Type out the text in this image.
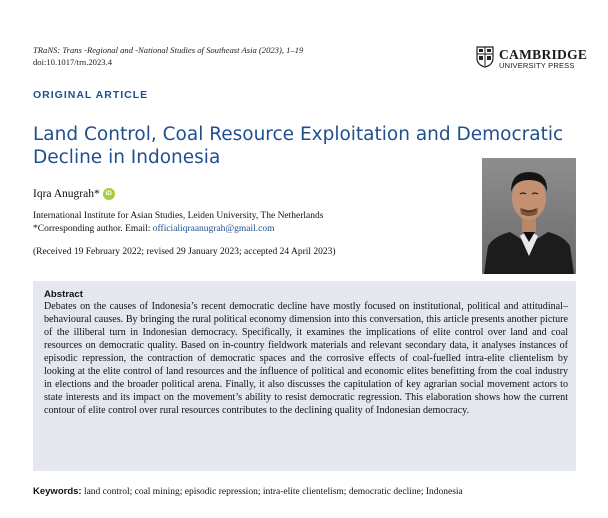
TRaNS: Trans -Regional and -National Studies of Southeast Asia (2023), 1–19
doi:10.1017/trn.2023.4	CAMBRIDGE
UNIVERSITY PRESS
ORIGINAL ARTICLE
Land Control, Coal Resource Exploitation and Democratic Decline in Indonesia
Iqra Anugrah* iD
International Institute for Asian Studies, Leiden University, The Netherlands
*Corresponding author. Email: officialiqraanugrah@gmail.com
(Received 19 February 2022; revised 29 January 2023; accepted 24 April 2023)
Abstract
Debates on the causes of Indonesia’s recent democratic decline have mostly focused on institutional, political and attitudinal–behavioural causes. By bringing the rural political economy dimension into this conversation, this article presents another picture of the illiberal turn in Indonesian democracy. Specifically, it examines the implications of elite control over land and coal resources on democratic quality. Based on in-country fieldwork materials and relevant secondary data, it analyses instances of episodic repression, the contraction of democratic spaces and the corrosive effects of coal-fuelled intra-elite clientelism by looking at the elite control of land resources and the influence of political and economic elites benefitting from the coal industry in elections and the broader political arena. Finally, it also discusses the capitulation of key agrarian social movement actors to state interests and its impact on the movement’s ability to resist democratic regression. This elaboration shows how the current contour of elite control over rural resources contributes to the declining quality of Indonesian democracy.
Keywords: land control; coal mining; episodic repression; intra-elite clientelism; democratic decline; Indonesia
